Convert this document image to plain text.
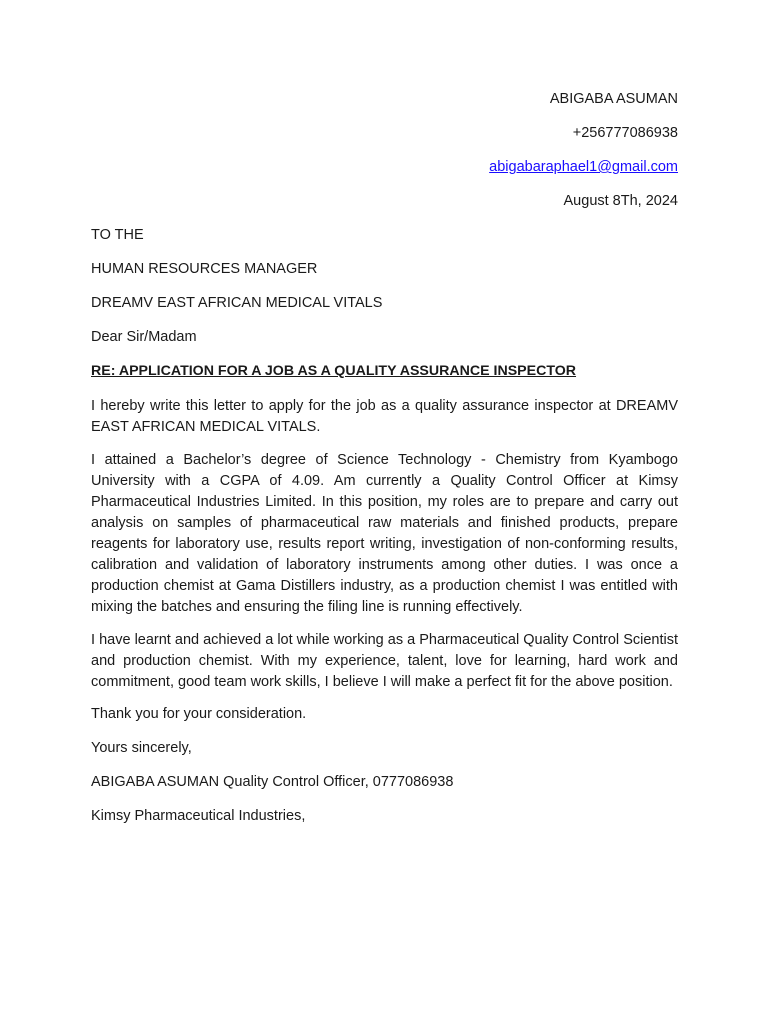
ABIGABA ASUMAN
+256777086938
abigabaraphael1@gmail.com
August 8Th, 2024
TO THE
HUMAN RESOURCES MANAGER
DREAMV EAST AFRICAN MEDICAL VITALS
Dear Sir/Madam
RE: APPLICATION FOR A JOB AS A QUALITY ASSURANCE INSPECTOR

I hereby write this letter to apply for the job as a quality assurance inspector at DREAMV EAST AFRICAN MEDICAL VITALS.

I attained a Bachelor’s degree of Science Technology - Chemistry from Kyambogo University with a CGPA of 4.09. Am currently a Quality Control Officer at Kimsy Pharmaceutical Industries Limited. In this position, my roles are to prepare and carry out analysis on samples of pharmaceutical raw materials and finished products, prepare reagents for laboratory use, results report writing, investigation of non-conforming results, calibration and validation of laboratory instruments among other duties. I was once a production chemist at Gama Distillers industry, as a production chemist I was entitled with mixing the batches and ensuring the filing line is running effectively.

I have learnt and achieved a lot while working as a Pharmaceutical Quality Control Scientist and production chemist. With my experience, talent, love for learning, hard work and commitment, good team work skills, I believe I will make a perfect fit for the above position.

Thank you for your consideration.
Yours sincerely,
ABIGABA ASUMAN Quality Control Officer, 0777086938
Kimsy Pharmaceutical Industries,
